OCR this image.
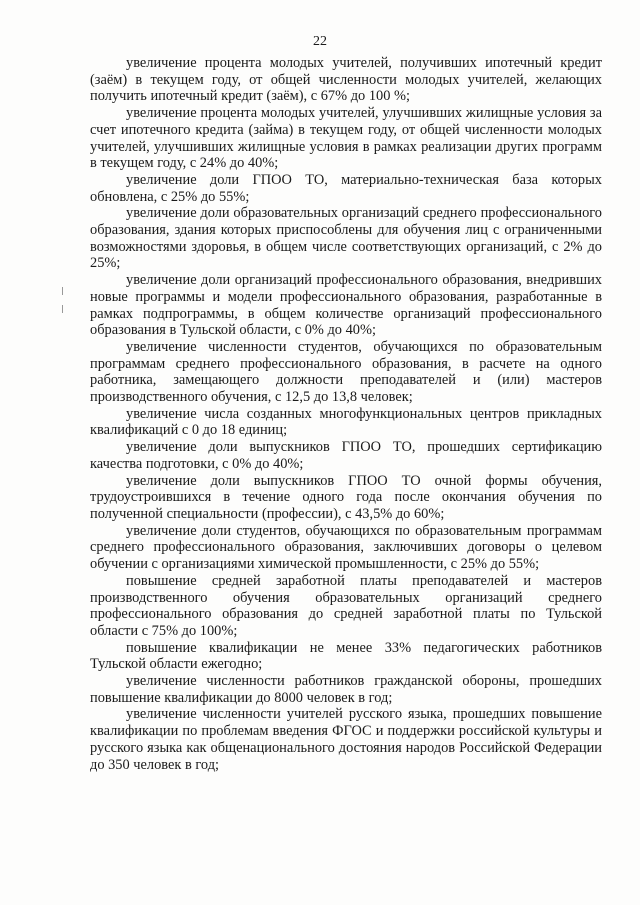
22

увеличение процента молодых учителей, получивших ипотечный кредит (заём) в текущем году, от общей численности молодых учителей, желающих получить ипотечный кредит (заём), с 67% до 100 %;

увеличение процента молодых учителей, улучшивших жилищные условия за счет ипотечного кредита (займа) в текущем году, от общей численности молодых учителей, улучшивших жилищные условия в рамках реализации других программ в текущем году, с 24% до 40%;

увеличение доли ГПОО ТО, материально-техническая база которых обновлена, с 25% до 55%;

увеличение доли образовательных организаций среднего профессионального образования, здания которых приспособлены для обучения лиц с ограниченными возможностями здоровья, в общем числе соответствующих организаций, с 2% до 25%;

увеличение доли организаций профессионального образования, внедривших новые программы и модели профессионального образования, разработанные в рамках подпрограммы, в общем количестве организаций профессионального образования в Тульской области, с 0% до 40%;

увеличение численности студентов, обучающихся по образовательным программам среднего профессионального образования, в расчете на одного работника, замещающего должности преподавателей и (или) мастеров производственного обучения, с 12,5 до 13,8 человек;

увеличение числа созданных многофункциональных центров прикладных квалификаций с 0 до 18 единиц;

увеличение доли выпускников ГПОО ТО, прошедших сертификацию качества подготовки, с 0% до 40%;

увеличение доли выпускников ГПОО ТО очной формы обучения, трудоустроившихся в течение одного года после окончания обучения по полученной специальности (профессии), с 43,5% до 60%;

увеличение доли студентов, обучающихся по образовательным программам среднего профессионального образования, заключивших договоры о целевом обучении с организациями химической промышленности, с 25% до 55%;

повышение средней заработной платы преподавателей и мастеров производственного обучения образовательных организаций среднего профессионального образования до средней заработной платы по Тульской области с 75% до 100%;

повышение квалификации не менее 33% педагогических работников Тульской области ежегодно;

увеличение численности работников гражданской обороны, прошедших повышение квалификации до 8000 человек в год;

увеличение численности учителей русского языка, прошедших повышение квалификации по проблемам введения ФГОС и поддержки российской культуры и русского языка как общенационального достояния народов Российской Федерации до 350 человек в год;
